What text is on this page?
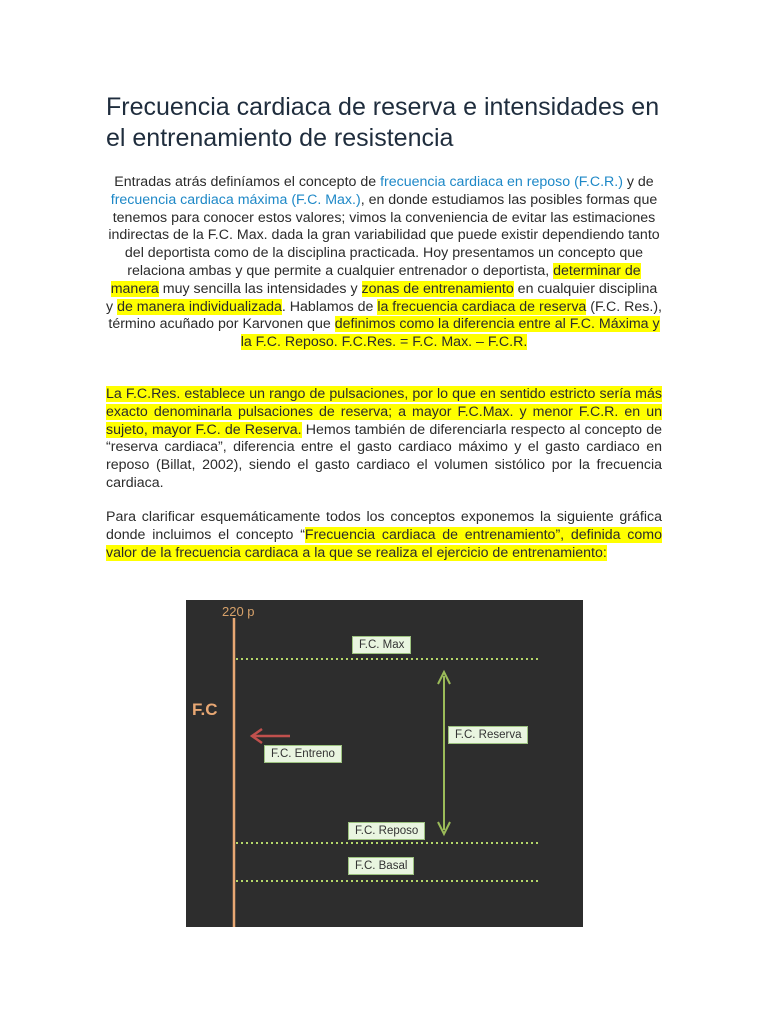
Frecuencia cardiaca de reserva e intensidades en el entrenamiento de resistencia

Entradas atrás definíamos el concepto de frecuencia cardiaca en reposo (F.C.R.) y de frecuencia cardiaca máxima (F.C. Max.), en donde estudiamos las posibles formas que tenemos para conocer estos valores; vimos la conveniencia de evitar las estimaciones indirectas de la F.C. Max. dada la gran variabilidad que puede existir dependiendo tanto del deportista como de la disciplina practicada. Hoy presentamos un concepto que relaciona ambas y que permite a cualquier entrenador o deportista, determinar de manera muy sencilla las intensidades y zonas de entrenamiento en cualquier disciplina y de manera individualizada. Hablamos de la frecuencia cardiaca de reserva (F.C. Res.), término acuñado por Karvonen que definimos como la diferencia entre al F.C. Máxima y la F.C. Reposo. F.C.Res. = F.C. Max. – F.C.R.

La F.C.Res. establece un rango de pulsaciones, por lo que en sentido estricto sería más exacto denominarla pulsaciones de reserva; a mayor F.C.Max. y menor F.C.R. en un sujeto, mayor F.C. de Reserva. Hemos también de diferenciarla respecto al concepto de “reserva cardiaca”, diferencia entre el gasto cardiaco máximo y el gasto cardiaco en reposo (Billat, 2002), siendo el gasto cardiaco el volumen sistólico por la frecuencia cardiaca.

Para clarificar esquemáticamente todos los conceptos exponemos la siguiente gráfica donde incluimos el concepto “Frecuencia cardiaca de entrenamiento”, definida como valor de la frecuencia cardiaca a la que se realiza el ejercicio de entrenamiento:

220 p
F.C
F.C. Max
F.C. Reserva
F.C. Entreno
F.C. Reposo
F.C. Basal
